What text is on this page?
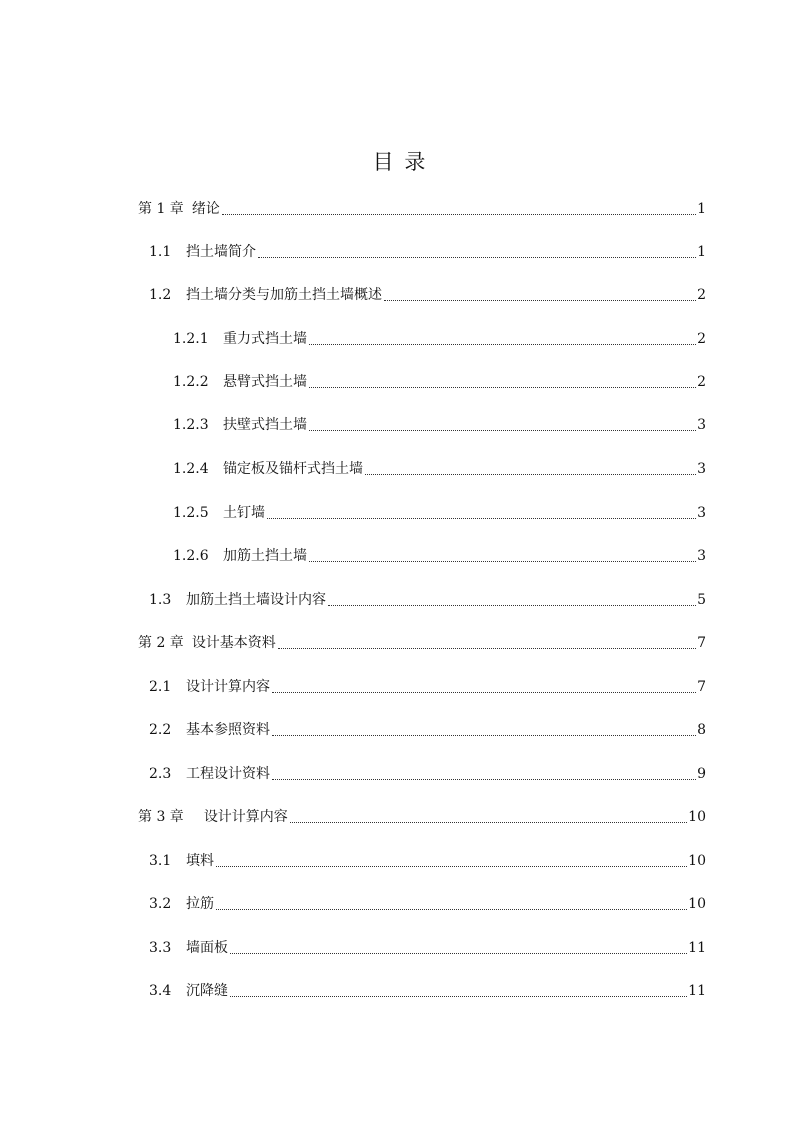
目 录
第 1 章 绪论	1
1.1	挡土墙简介	1
1.2	挡土墙分类与加筋土挡土墙概述	2
1.2.1	重力式挡土墙	2
1.2.2	悬臂式挡土墙	2
1.2.3	扶壁式挡土墙	3
1.2.4	锚定板及锚杆式挡土墙	3
1.2.5	土钉墙	3
1.2.6	加筋土挡土墙	3
1.3	加筋土挡土墙设计内容	5
第 2 章 设计基本资料	7
2.1	设计计算内容	7
2.2	基本参照资料	8
2.3	工程设计资料	9
第 3 章 设计计算内容	10
3.1	填料	10
3.2	拉筋	10
3.3	墙面板	11
3.4	沉降缝	11
